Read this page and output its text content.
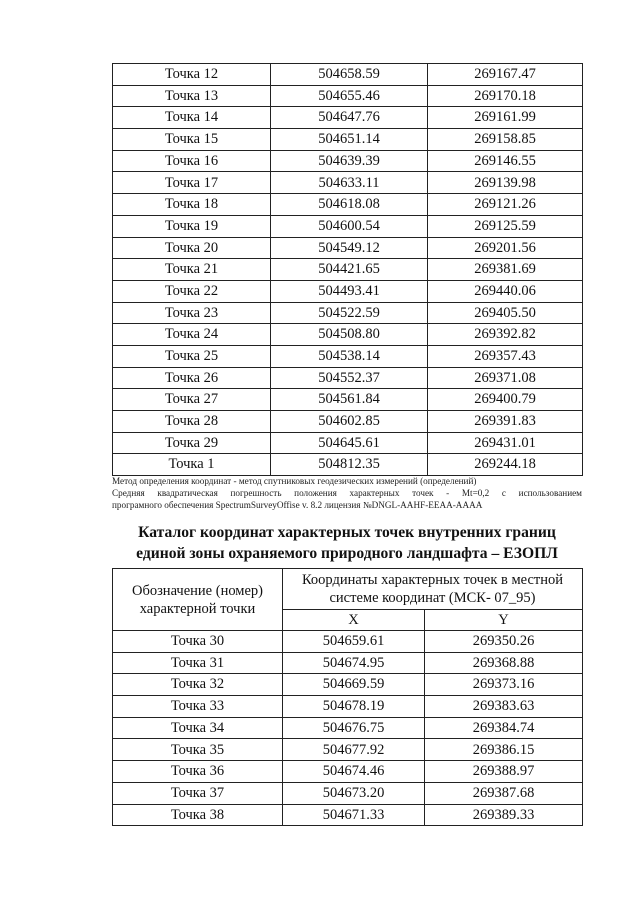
Точка 12	504658.59	269167.47
Точка 13	504655.46	269170.18
Точка 14	504647.76	269161.99
Точка 15	504651.14	269158.85
Точка 16	504639.39	269146.55
Точка 17	504633.11	269139.98
Точка 18	504618.08	269121.26
Точка 19	504600.54	269125.59
Точка 20	504549.12	269201.56
Точка 21	504421.65	269381.69
Точка 22	504493.41	269440.06
Точка 23	504522.59	269405.50
Точка 24	504508.80	269392.82
Точка 25	504538.14	269357.43
Точка 26	504552.37	269371.08
Точка 27	504561.84	269400.79
Точка 28	504602.85	269391.83
Точка 29	504645.61	269431.01
Точка 1	504812.35	269244.18
Метод определения координат - метод спутниковых геодезических измерений (определений)
Средняя квадратическая погрешность положения характерных точек - Mt=0,2 с использованием
програмного обеспечения SpectrumSurveyOffise v. 8.2 лицензия №DNGL-AAHF-EEAA-AAAA
Каталог координат характерных точек внутренних границ
единой зоны охраняемого природного ландшафта – ЕЗОПЛ
Обозначение (номер) характерной точки	Координаты характерных точек в местной системе координат (МСК- 07_95)	
	X	Y
Точка 30	504659.61	269350.26
Точка 31	504674.95	269368.88
Точка 32	504669.59	269373.16
Точка 33	504678.19	269383.63
Точка 34	504676.75	269384.74
Точка 35	504677.92	269386.15
Точка 36	504674.46	269388.97
Точка 37	504673.20	269387.68
Точка 38	504671.33	269389.33
